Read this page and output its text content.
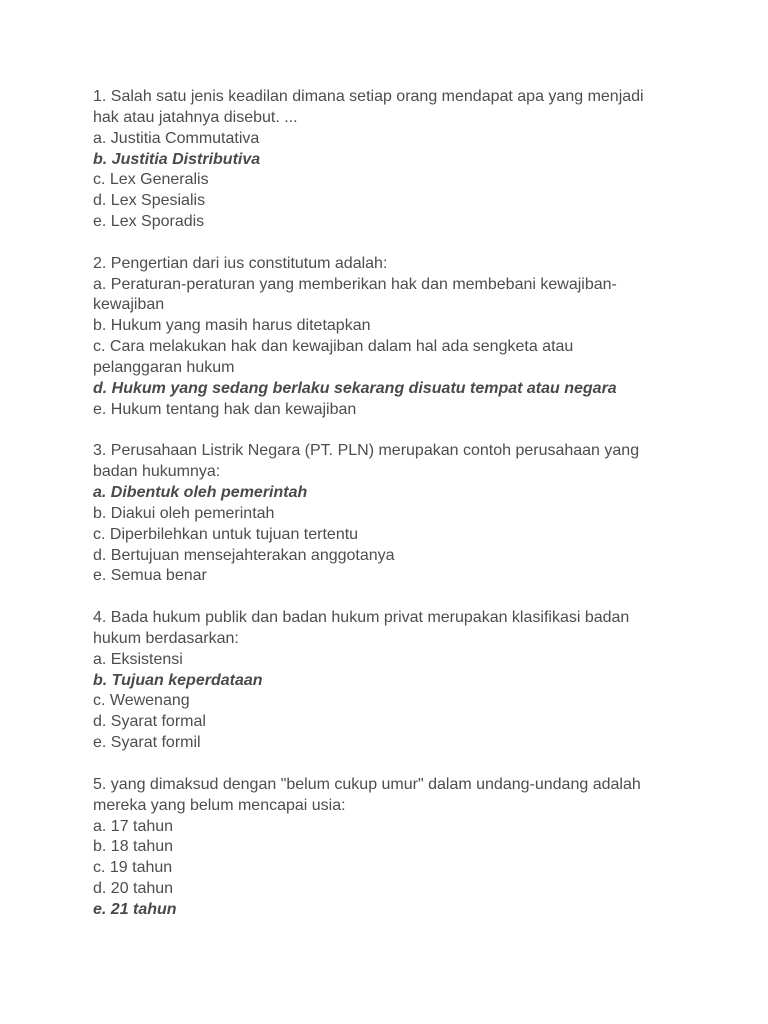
1. Salah satu jenis keadilan dimana setiap orang mendapat apa yang menjadi
hak atau jatahnya disebut. ...
a. Justitia Commutativa
b. Justitia Distributiva
c. Lex Generalis
d. Lex Spesialis
e. Lex Sporadis
2. Pengertian dari ius constitutum adalah:
a. Peraturan-peraturan yang memberikan hak dan membebani kewajiban-
kewajiban
b. Hukum yang masih harus ditetapkan
c. Cara melakukan hak dan kewajiban dalam hal ada sengketa atau
pelanggaran hukum
d. Hukum yang sedang berlaku sekarang disuatu tempat atau negara
e. Hukum tentang hak dan kewajiban
3. Perusahaan Listrik Negara (PT. PLN) merupakan contoh perusahaan yang
badan hukumnya:
a. Dibentuk oleh pemerintah
b. Diakui oleh pemerintah
c. Diperbilehkan untuk tujuan tertentu
d. Bertujuan mensejahterakan anggotanya
e. Semua benar
4. Bada hukum publik dan badan hukum privat merupakan klasifikasi badan
hukum berdasarkan:
a. Eksistensi
b. Tujuan keperdataan
c. Wewenang
d. Syarat formal
e. Syarat formil
5. yang dimaksud dengan "belum cukup umur" dalam undang-undang adalah
mereka yang belum mencapai usia:
a. 17 tahun
b. 18 tahun
c. 19 tahun
d. 20 tahun
e. 21 tahun
